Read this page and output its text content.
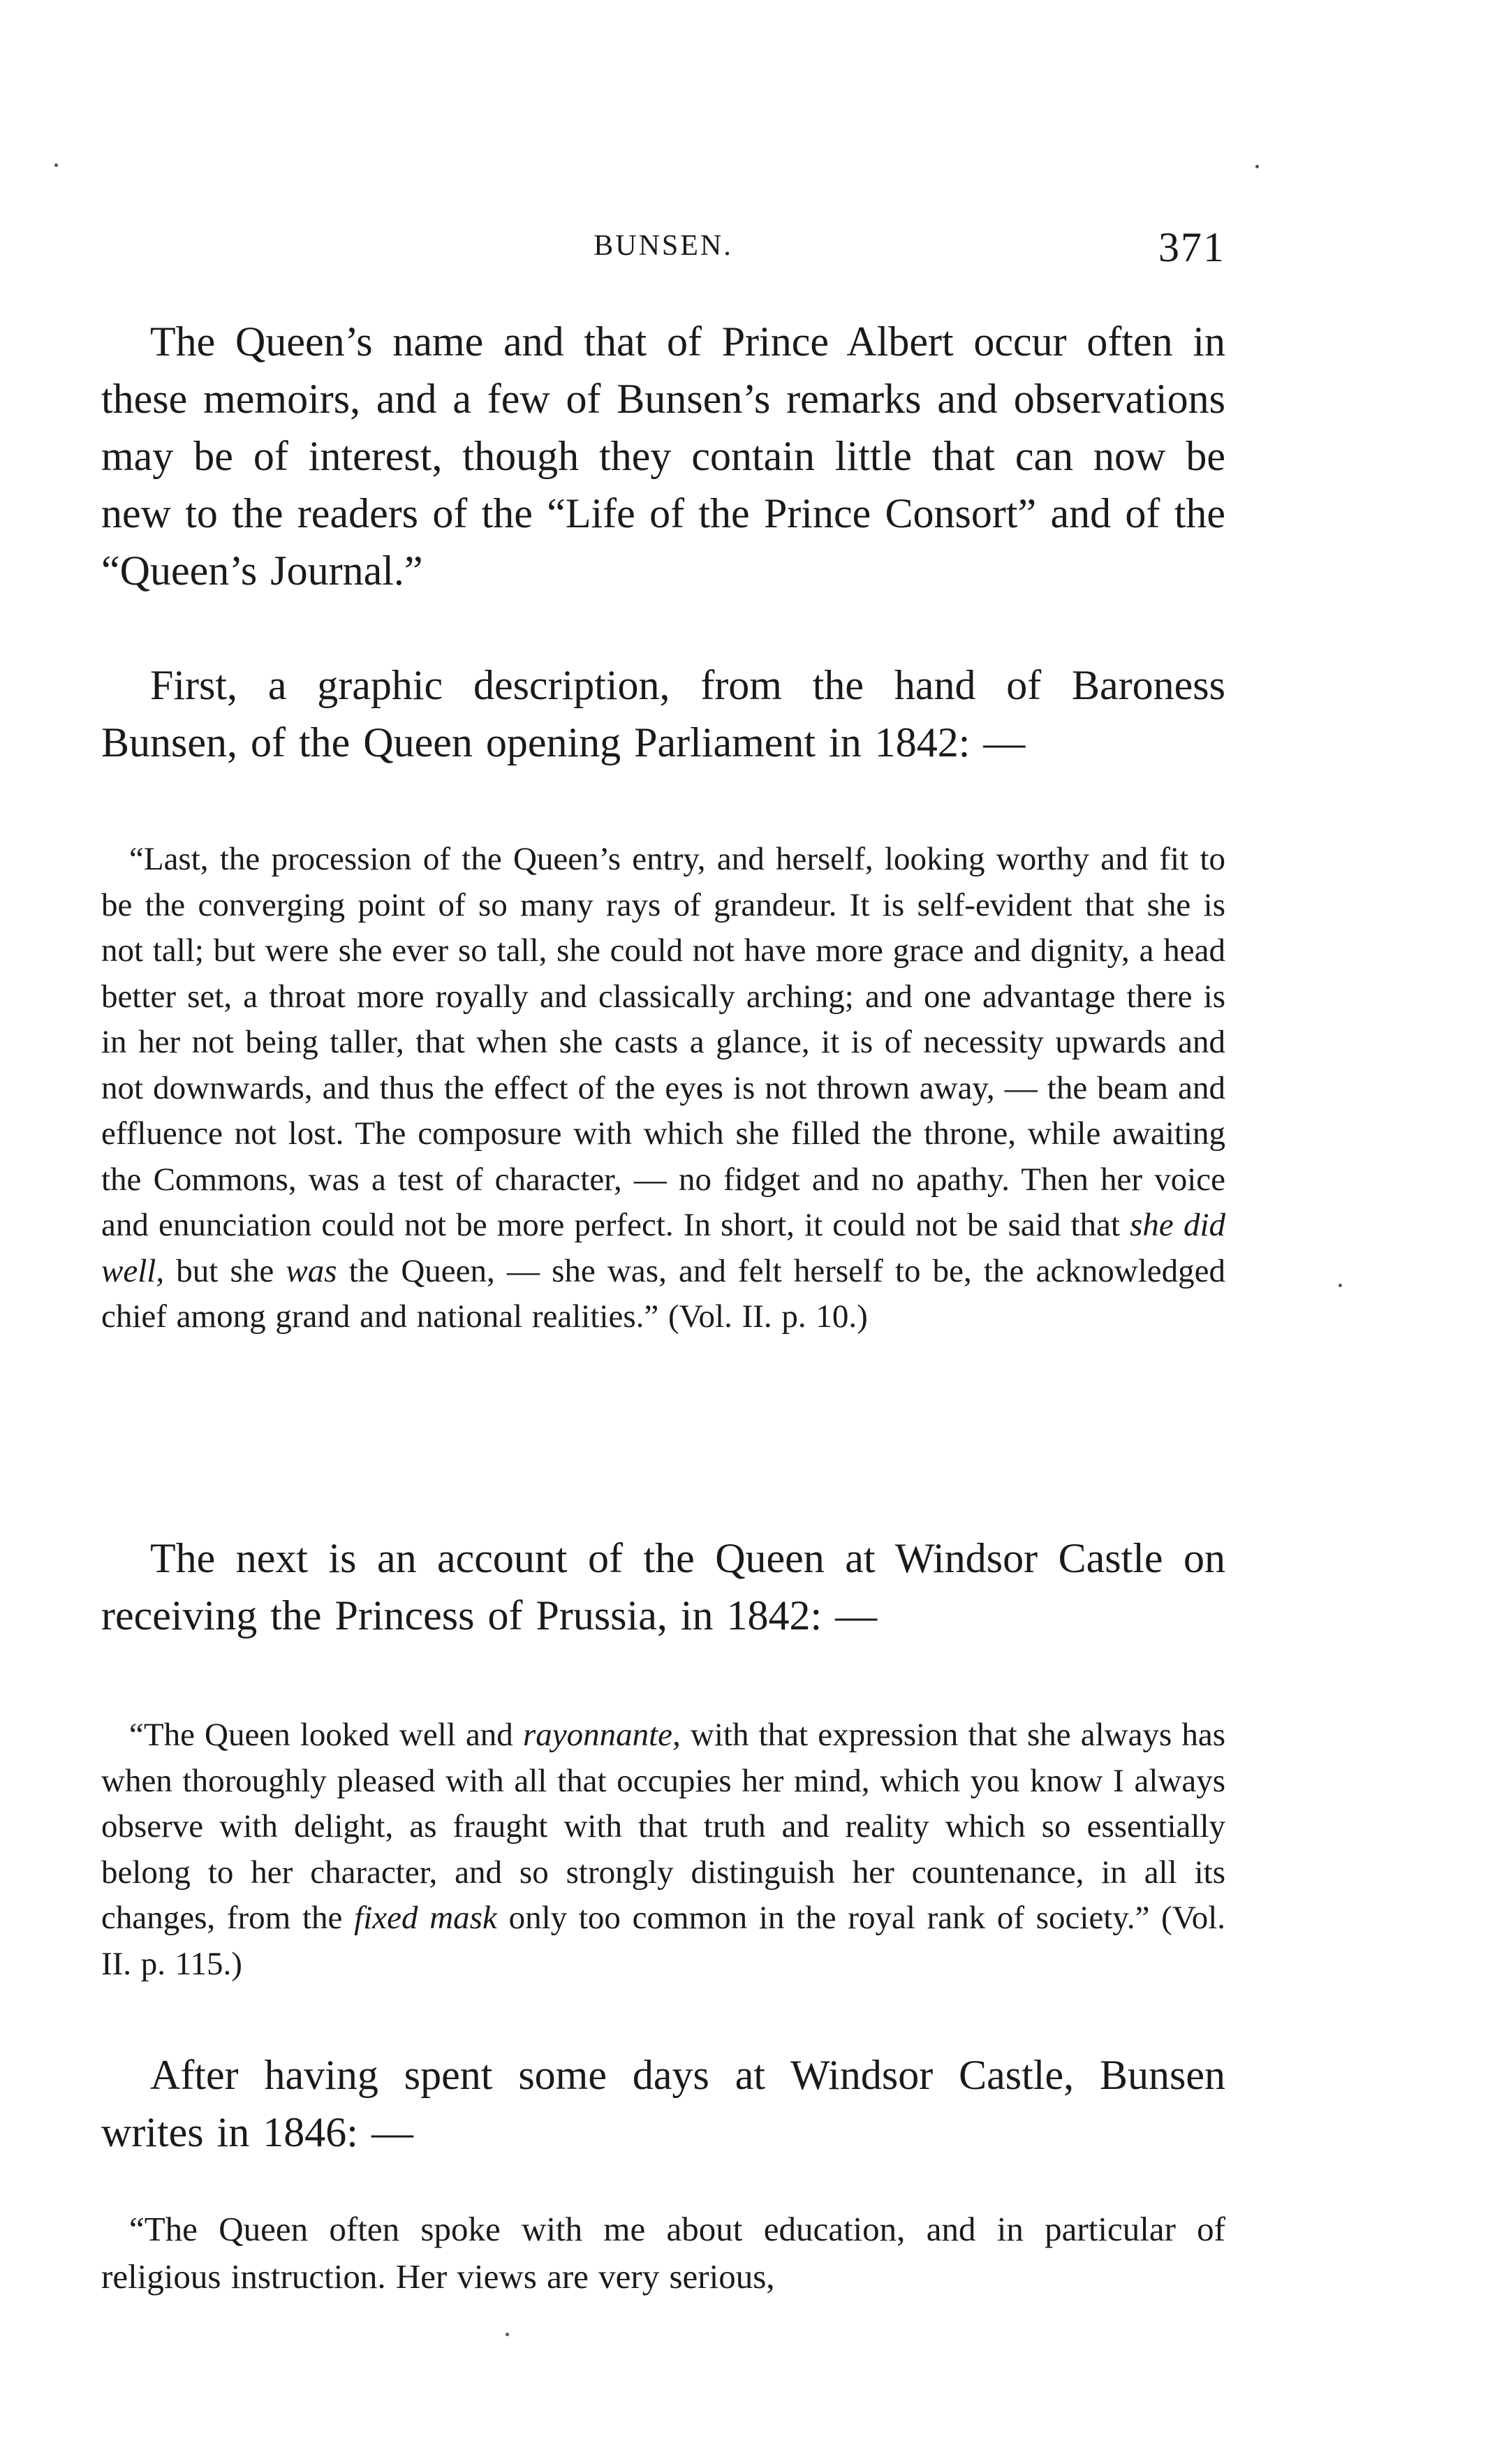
BUNSEN.	371

The Queen’s name and that of Prince Albert occur often in these memoirs, and a few of Bunsen’s remarks and observations may be of interest, though they contain little that can now be new to the readers of the “Life of the Prince Consort” and of the “Queen’s Journal.”

First, a graphic description, from the hand of Baroness Bunsen, of the Queen opening Parliament in 1842: —

“Last, the procession of the Queen’s entry, and herself, looking worthy and fit to be the converging point of so many rays of grandeur. It is self-evident that she is not tall; but were she ever so tall, she could not have more grace and dignity, a head better set, a throat more royally and classically arching; and one advantage there is in her not being taller, that when she casts a glance, it is of necessity upwards and not downwards, and thus the effect of the eyes is not thrown away, — the beam and effluence not lost. The composure with which she filled the throne, while awaiting the Commons, was a test of character, — no fidget and no apathy. Then her voice and enunciation could not be more perfect. In short, it could not be said that she did well, but she was the Queen, — she was, and felt herself to be, the acknowledged chief among grand and national realities.” (Vol. II. p. 10.)

The next is an account of the Queen at Windsor Castle on receiving the Princess of Prussia, in 1842: —

“The Queen looked well and rayonnante, with that expression that she always has when thoroughly pleased with all that occupies her mind, which you know I always observe with delight, as fraught with that truth and reality which so essentially belong to her character, and so strongly distinguish her countenance, in all its changes, from the fixed mask only too common in the royal rank of society.” (Vol. II. p. 115.)

After having spent some days at Windsor Castle, Bunsen writes in 1846: —

“The Queen often spoke with me about education, and in particular of religious instruction. Her views are very serious,
